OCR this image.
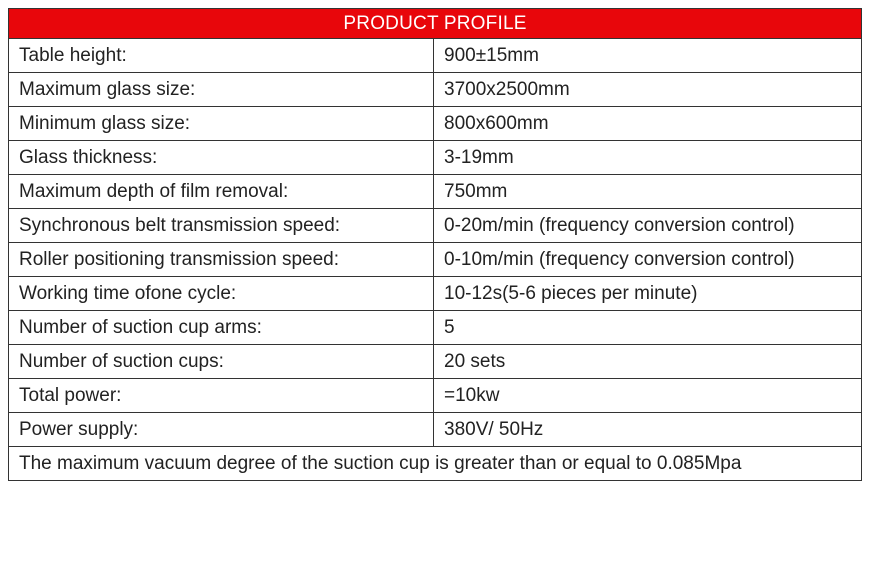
PRODUCT PROFILE	
Table height:	900±15mm
Maximum glass size:	3700x2500mm
Minimum glass size:	800x600mm
Glass thickness:	3-19mm
Maximum depth of film removal:	750mm
Synchronous belt transmission speed:	0-20m/min (frequency conversion control)
Roller positioning transmission speed:	0-10m/min (frequency conversion control)
Working time ofone cycle:	10-12s(5-6 pieces per minute)
Number of suction cup arms:	5
Number of suction cups:	20 sets
Total power:	=10kw
Power supply:	380V/ 50Hz
The maximum vacuum degree of the suction cup is greater than or equal to 0.085Mpa	
